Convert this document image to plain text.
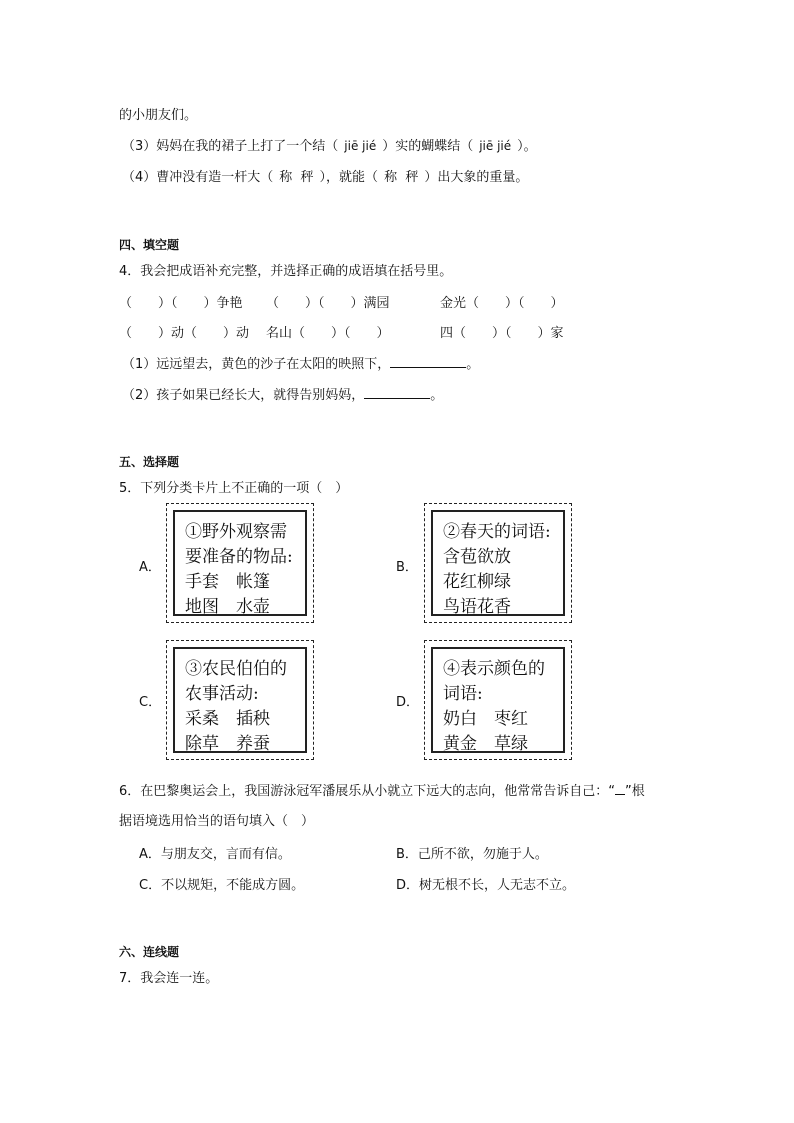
的小朋友们。
（3）妈妈在我的裙子上打了一个结（ jiē jié ）实的蝴蝶结（ jiē jié ）。
（4）曹冲没有造一杆大（ 称  秤 ），就能（ 称  秤 ）出大象的重量。
四、填空题
4．我会把成语补充完整，并选择正确的成语填在括号里。
（　　）（　　）争艳 （　　）（　　）满园	金光（　　）（　　）
（　　）动（　　）动 名山（　　）（　　）	四（　　）（　　）家
（1）远远望去，黄色的沙子在太阳的映照下，	。
（2）孩子如果已经长大，就得告别妈妈，	。
五、选择题
5．下列分类卡片上不正确的一项（　）
A．
①野外观察需
要准备的物品:
手套　帐篷
地图　水壶
B．
②春天的词语:
含苞欲放
花红柳绿
鸟语花香
C．
③农民伯伯的
农事活动:
采桑　插秧
除草　养蚕
D．
④表示颜色的
词语:
奶白　枣红
黄金　草绿
6．在巴黎奥运会上，我国游泳冠军潘展乐从小就立下远大的志向，他常常告诉自己：“ ”根
据语境选用恰当的语句填入（　）
A．与朋友交，言而有信。	B．己所不欲，勿施于人。
C．不以规矩，不能成方圆。	D．树无根不长，人无志不立。
六、连线题
7．我会连一连。
